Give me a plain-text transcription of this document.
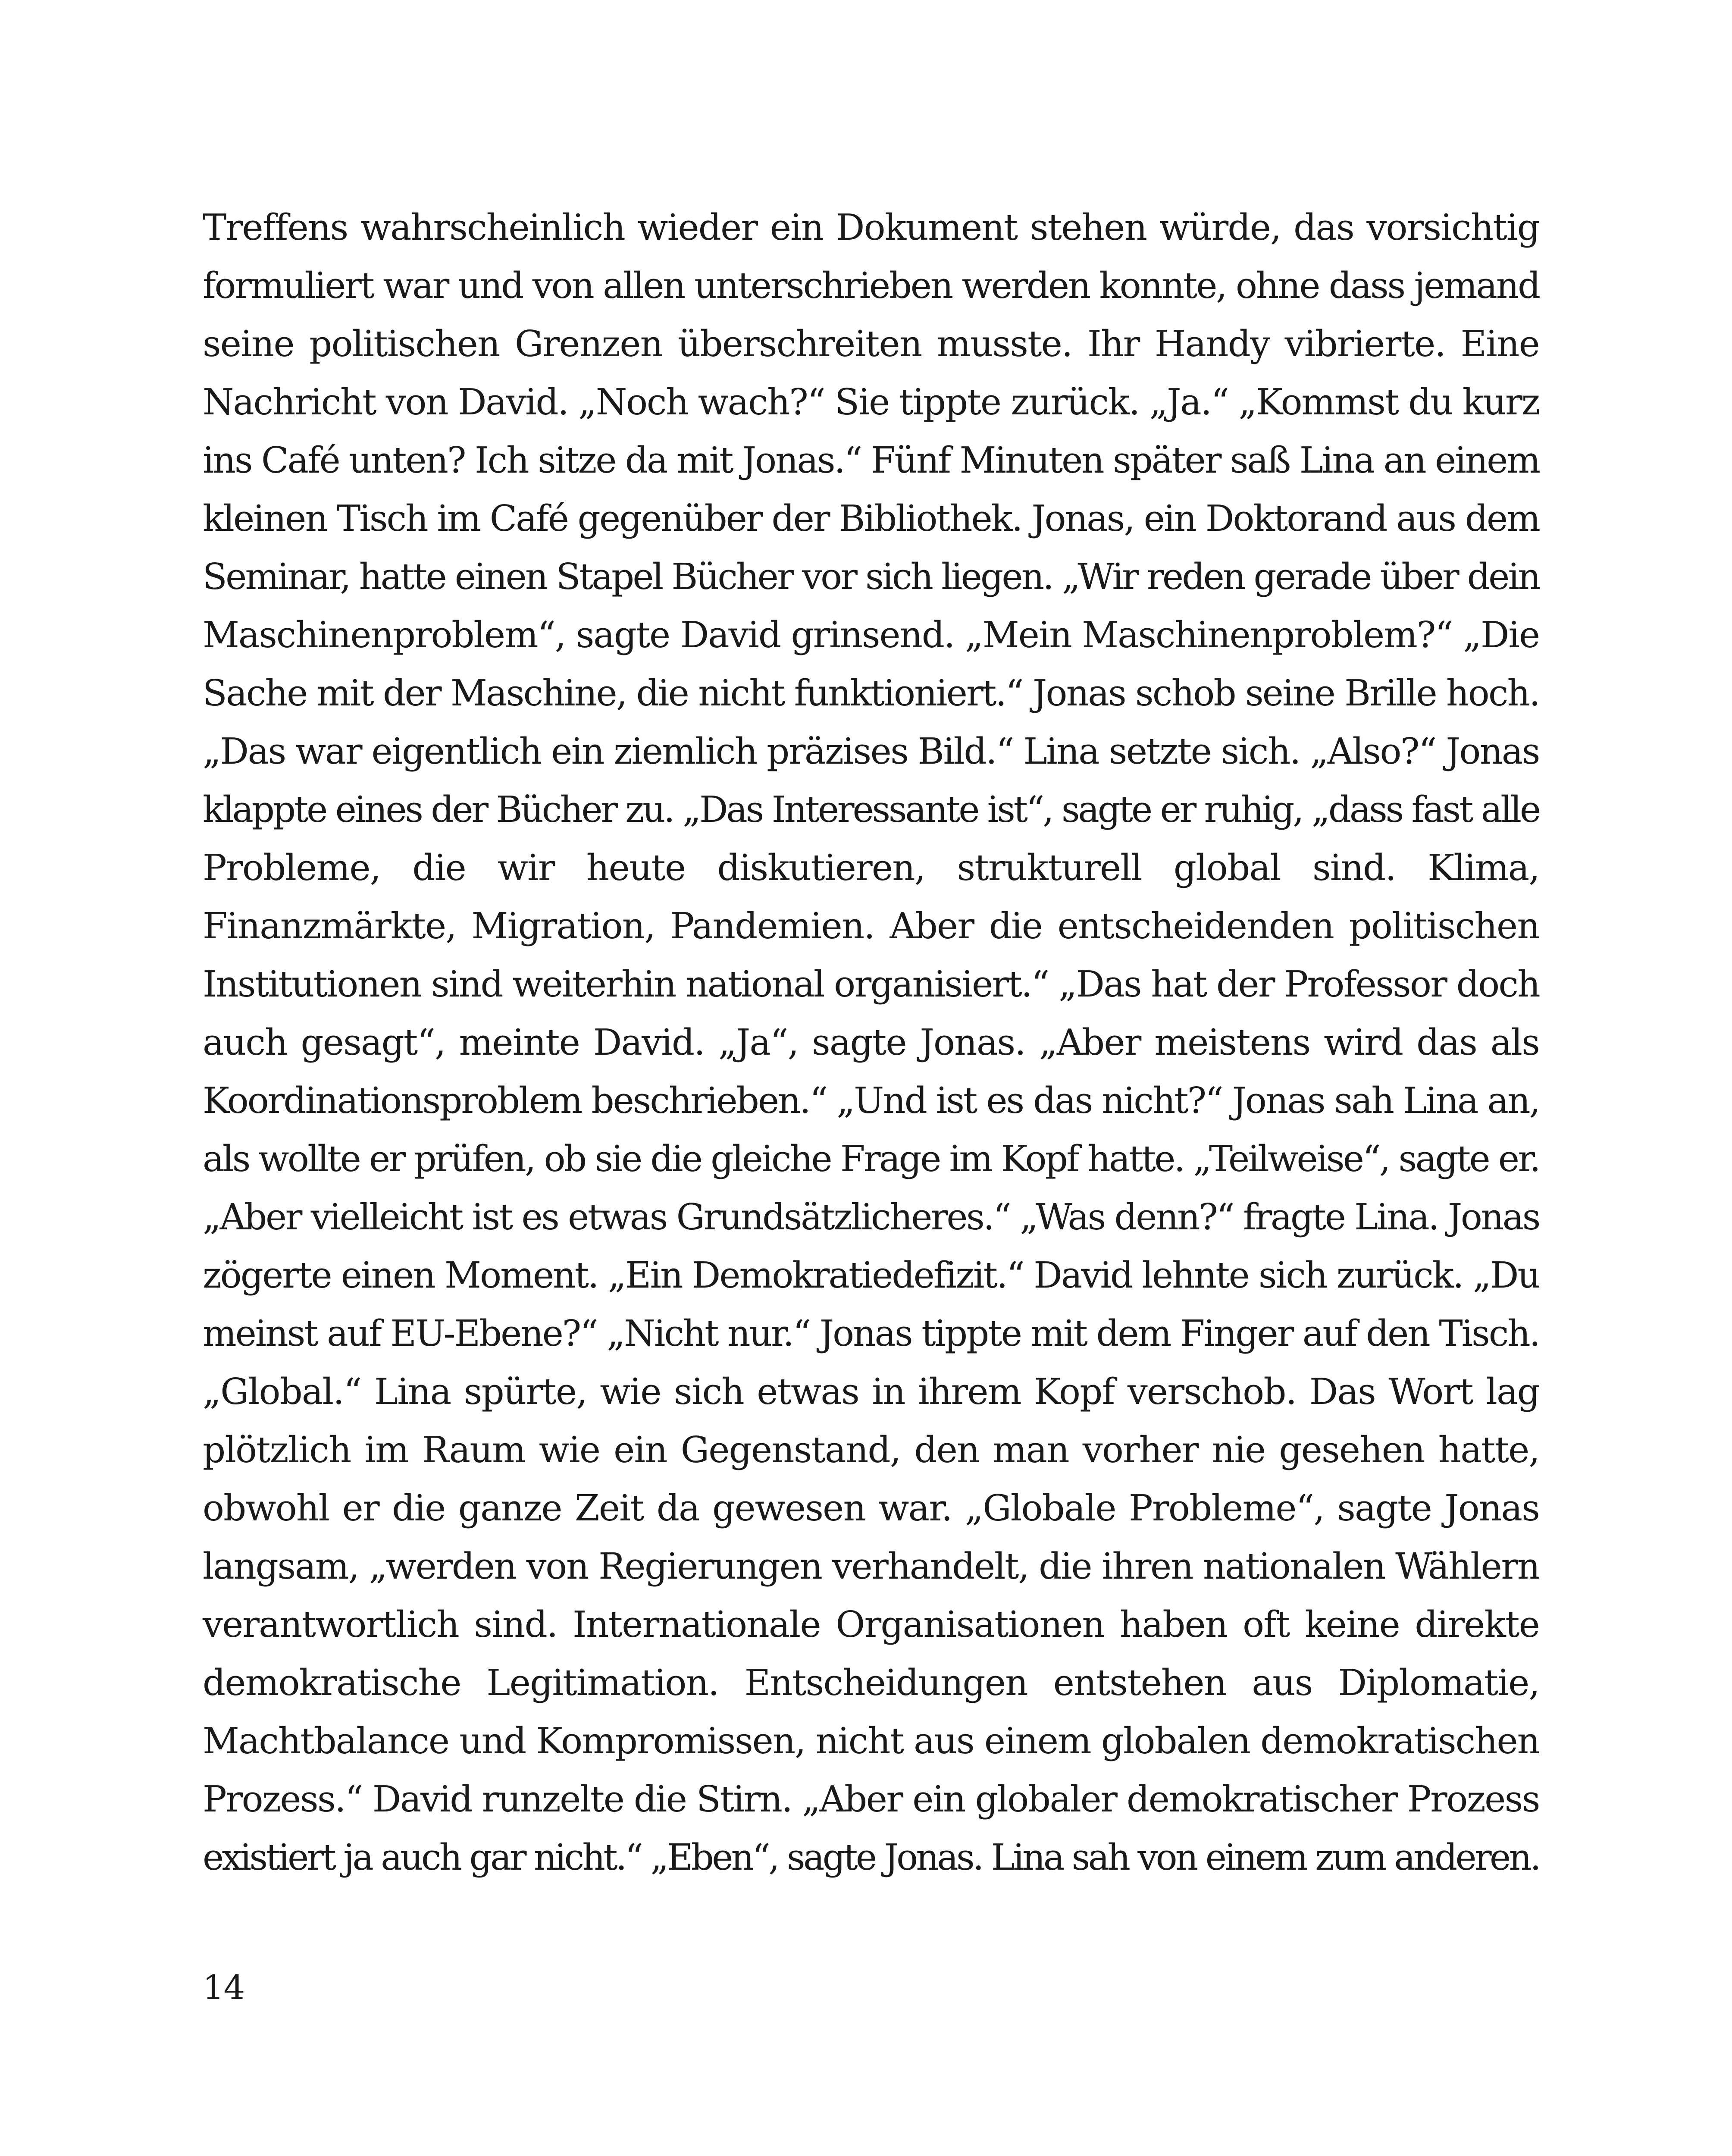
Treffens wahrscheinlich wieder ein Dokument stehen würde, das vorsichtig
formuliert war und von allen unterschrieben werden konnte, ohne dass jemand
seine politischen Grenzen überschreiten musste. Ihr Handy vibrierte. Eine
Nachricht von David. „Noch wach?“ Sie tippte zurück. „Ja.“ „Kommst du kurz
ins Café unten? Ich sitze da mit Jonas.“ Fünf Minuten später saß Lina an einem
kleinen Tisch im Café gegenüber der Bibliothek. Jonas, ein Doktorand aus dem
Seminar, hatte einen Stapel Bücher vor sich liegen. „Wir reden gerade über dein
Maschinenproblem“, sagte David grinsend. „Mein Maschinenproblem?“ „Die
Sache mit der Maschine, die nicht funktioniert.“ Jonas schob seine Brille hoch.
„Das war eigentlich ein ziemlich präzises Bild.“ Lina setzte sich. „Also?“ Jonas
klappte eines der Bücher zu. „Das Interessante ist“, sagte er ruhig, „dass fast alle
Probleme, die wir heute diskutieren, strukturell global sind. Klima,
Finanzmärkte, Migration, Pandemien. Aber die entscheidenden politischen
Institutionen sind weiterhin national organisiert.“ „Das hat der Professor doch
auch gesagt“, meinte David. „Ja“, sagte Jonas. „Aber meistens wird das als
Koordinationsproblem beschrieben.“ „Und ist es das nicht?“ Jonas sah Lina an,
als wollte er prüfen, ob sie die gleiche Frage im Kopf hatte. „Teilweise“, sagte er.
„Aber vielleicht ist es etwas Grundsätzlicheres.“ „Was denn?“ fragte Lina. Jonas
zögerte einen Moment. „Ein Demokratiedefizit.“ David lehnte sich zurück. „Du
meinst auf EU-Ebene?“ „Nicht nur.“ Jonas tippte mit dem Finger auf den Tisch.
„Global.“ Lina spürte, wie sich etwas in ihrem Kopf verschob. Das Wort lag
plötzlich im Raum wie ein Gegenstand, den man vorher nie gesehen hatte,
obwohl er die ganze Zeit da gewesen war. „Globale Probleme“, sagte Jonas
langsam, „werden von Regierungen verhandelt, die ihren nationalen Wählern
verantwortlich sind. Internationale Organisationen haben oft keine direkte
demokratische Legitimation. Entscheidungen entstehen aus Diplomatie,
Machtbalance und Kompromissen, nicht aus einem globalen demokratischen
Prozess.“ David runzelte die Stirn. „Aber ein globaler demokratischer Prozess
existiert ja auch gar nicht.“ „Eben“, sagte Jonas. Lina sah von einem zum anderen.
14
